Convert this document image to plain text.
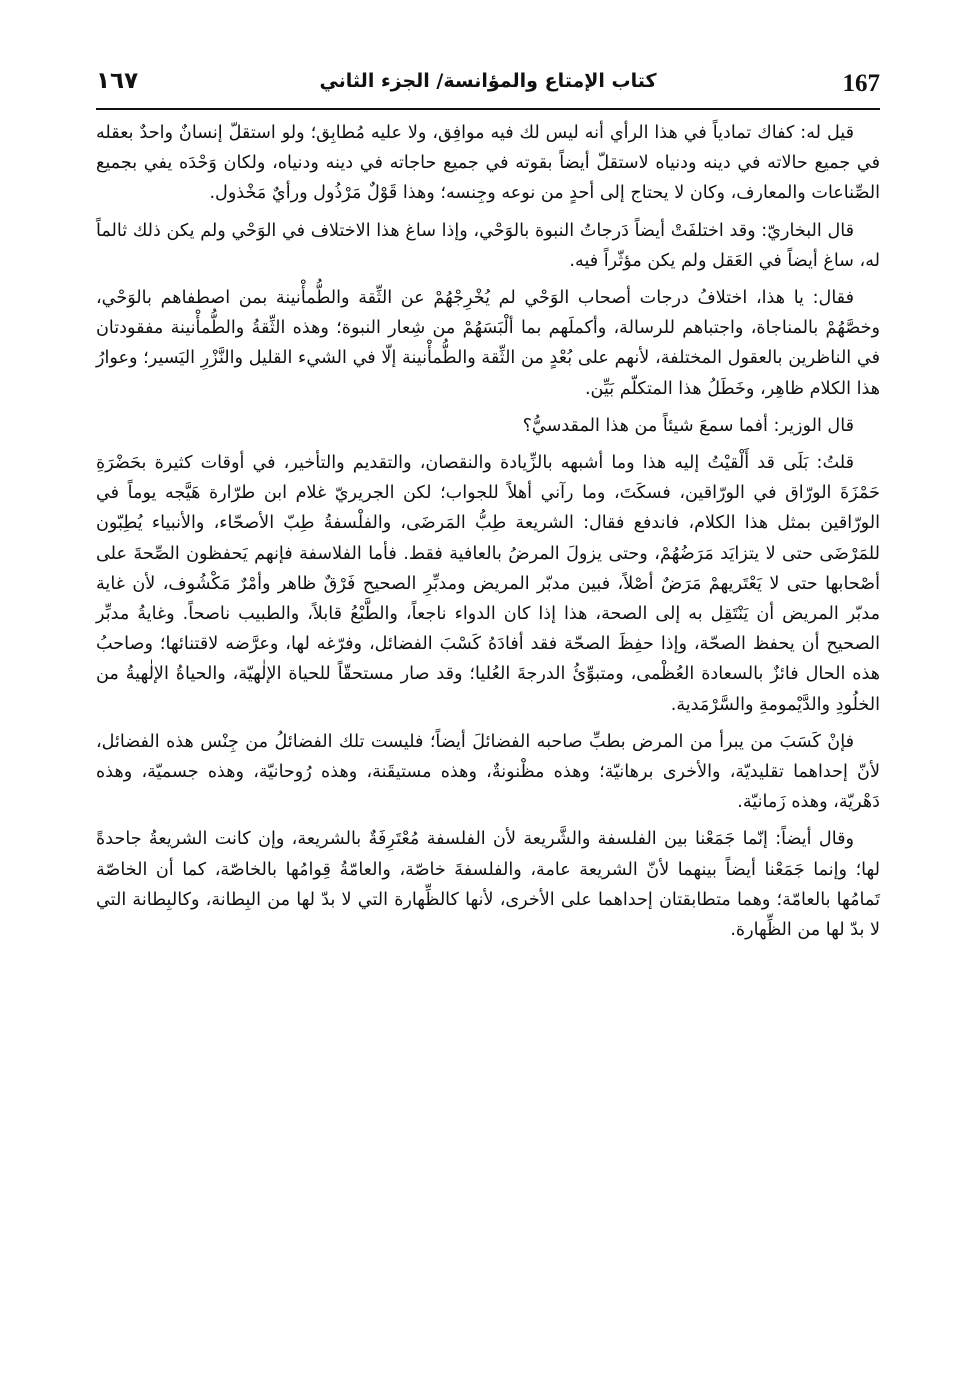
167
كتاب الإمتاع والمؤانسة/ الجزء الثاني
١٦٧

قيل له: كفاك تمادياً في هذا الرأي أنه ليس لك فيه موافِق، ولا عليه مُطابِق؛ ولو استقلّ إنسانٌ واحدٌ بعقله في جميع حالاته في دينه ودنياه لاستقلّ أيضاً بقوته في جميع حاجاته في دينه ودنياه، ولكان وَحْدَه يفي بجميع الصِّناعات والمعارف، وكان لا يحتاج إلى أحدٍ من نوعه وجِنسه؛ وهذا قَوْلٌ مَرْذُول ورأيٌ مَخْذول.

قال البخاريّ: وقد اختلفَتْ أيضاً دَرجاتُ النبوة بالوَحْي، وإذا ساغ هذا الاختلاف في الوَحْي ولم يكن ذلك ثالماً له، ساغ أيضاً في العَقل ولم يكن مؤثّراً فيه.

فقال: يا هذا، اختلافُ درجات أصحاب الوَحْي لم يُخْرِجْهُمْ عن الثِّقة والطُّمأْنينة بمن اصطفاهم بالوَحْي، وخصَّهُمْ بالمناجاة، واجتباهم للرسالة، وأكملَهم بما ألْبَسَهُمْ من شِعار النبوة؛ وهذه الثِّقةُ والطُّمأْنينة مفقودتان في الناظرين بالعقول المختلفة، لأنهم على بُعْدٍ من الثِّقة والطُّمأْنينة إلّا في الشيء القليل والنَّزْرِ اليَسير؛ وعوارُ هذا الكلام ظاهِر، وخَطَلُ هذا المتكلّم بَيِّن.

قال الوزير: أفما سمعَ شيئاً من هذا المقدسيُّ؟

قلتُ: بَلَى قد أَلْقيْتُ إليه هذا وما أشبهه بالزِّيادة والنقصان، والتقديم والتأخير، في أوقات كثيرة بحَضْرَةِ حَمْزَةَ الورّاق في الورّاقين، فسكَتَ، وما رآني أهلاً للجواب؛ لكن الجريريّ غلام ابن طرّارة هَيَّجه يوماً في الورّاقين بمثل هذا الكلام، فاندفع فقال: الشريعة طِبُّ المَرضَى، والفلْسفةُ طِبّ الأصحّاء، والأنبياء يُطِبّون للمَرْضَى حتى لا يتزايَد مَرَضُهُمْ، وحتى يزولَ المرضُ بالعافية فقط. فأما الفلاسفة فإنهم يَحفظون الصِّحةَ على أصْحابها حتى لا يَعْتَريهمْ مَرَضٌ أصْلاً، فبين مدبّر المريض ومدبِّرِ الصحيح فَرْقٌ ظاهر وأمْرٌ مَكْشُوف، لأن غاية مدبّر المريض أن يَنْتَقِل به إلى الصحة، هذا إذا كان الدواء ناجعاً، والطَّبْعُ قابلاً، والطبيب ناصحاً. وغايةُ مدبِّر الصحيح أن يحفظ الصحّة، وإذا حفِظَ الصحّة فقد أفادَهُ كَسْبَ الفضائل، وفرّغه لها، وعرَّضه لاقتنائها؛ وصاحبُ هذه الحال فائزٌ بالسعادة العُظْمى، ومتبوِّئُ الدرجةَ العُليا؛ وقد صار مستحقّاً للحياة الإلٰهيّة، والحياةُ الإلٰهيةُ من الخلُودِ والدَّيْمومةِ والسَّرْمَدية.

فإنْ كَسَبَ من يبرأ من المرض بطبِّ صاحبه الفضائلَ أيضاً؛ فليست تلك الفضائلُ من جِنْس هذه الفضائل، لأنّ إحداهما تقليديّة، والأخرى برهانيّة؛ وهذه مظْنونةٌ، وهذه مستيقَنة، وهذه رُوحانيّة، وهذه جسميّة، وهذه دَهْريّة، وهذه زَمانيّة.

وقال أيضاً: إنّما جَمَعْنا بين الفلسفة والشَّريعة لأن الفلسفة مُعْتَرِفَةٌ بالشريعة، وإن كانت الشريعةُ جاحدةً لها؛ وإنما جَمَعْنا أيضاً بينهما لأنّ الشريعة عامة، والفلسفةَ خاصّة، والعامّةُ قِوامُها بالخاصّة، كما أن الخاصّة تَمامُها بالعامّة؛ وهما متطابقتان إحداهما على الأخرى، لأنها كالظِّهارة التي لا بدّ لها من البِطانة، وكالبِطانة التي لا بدّ لها من الظِّهارة.
